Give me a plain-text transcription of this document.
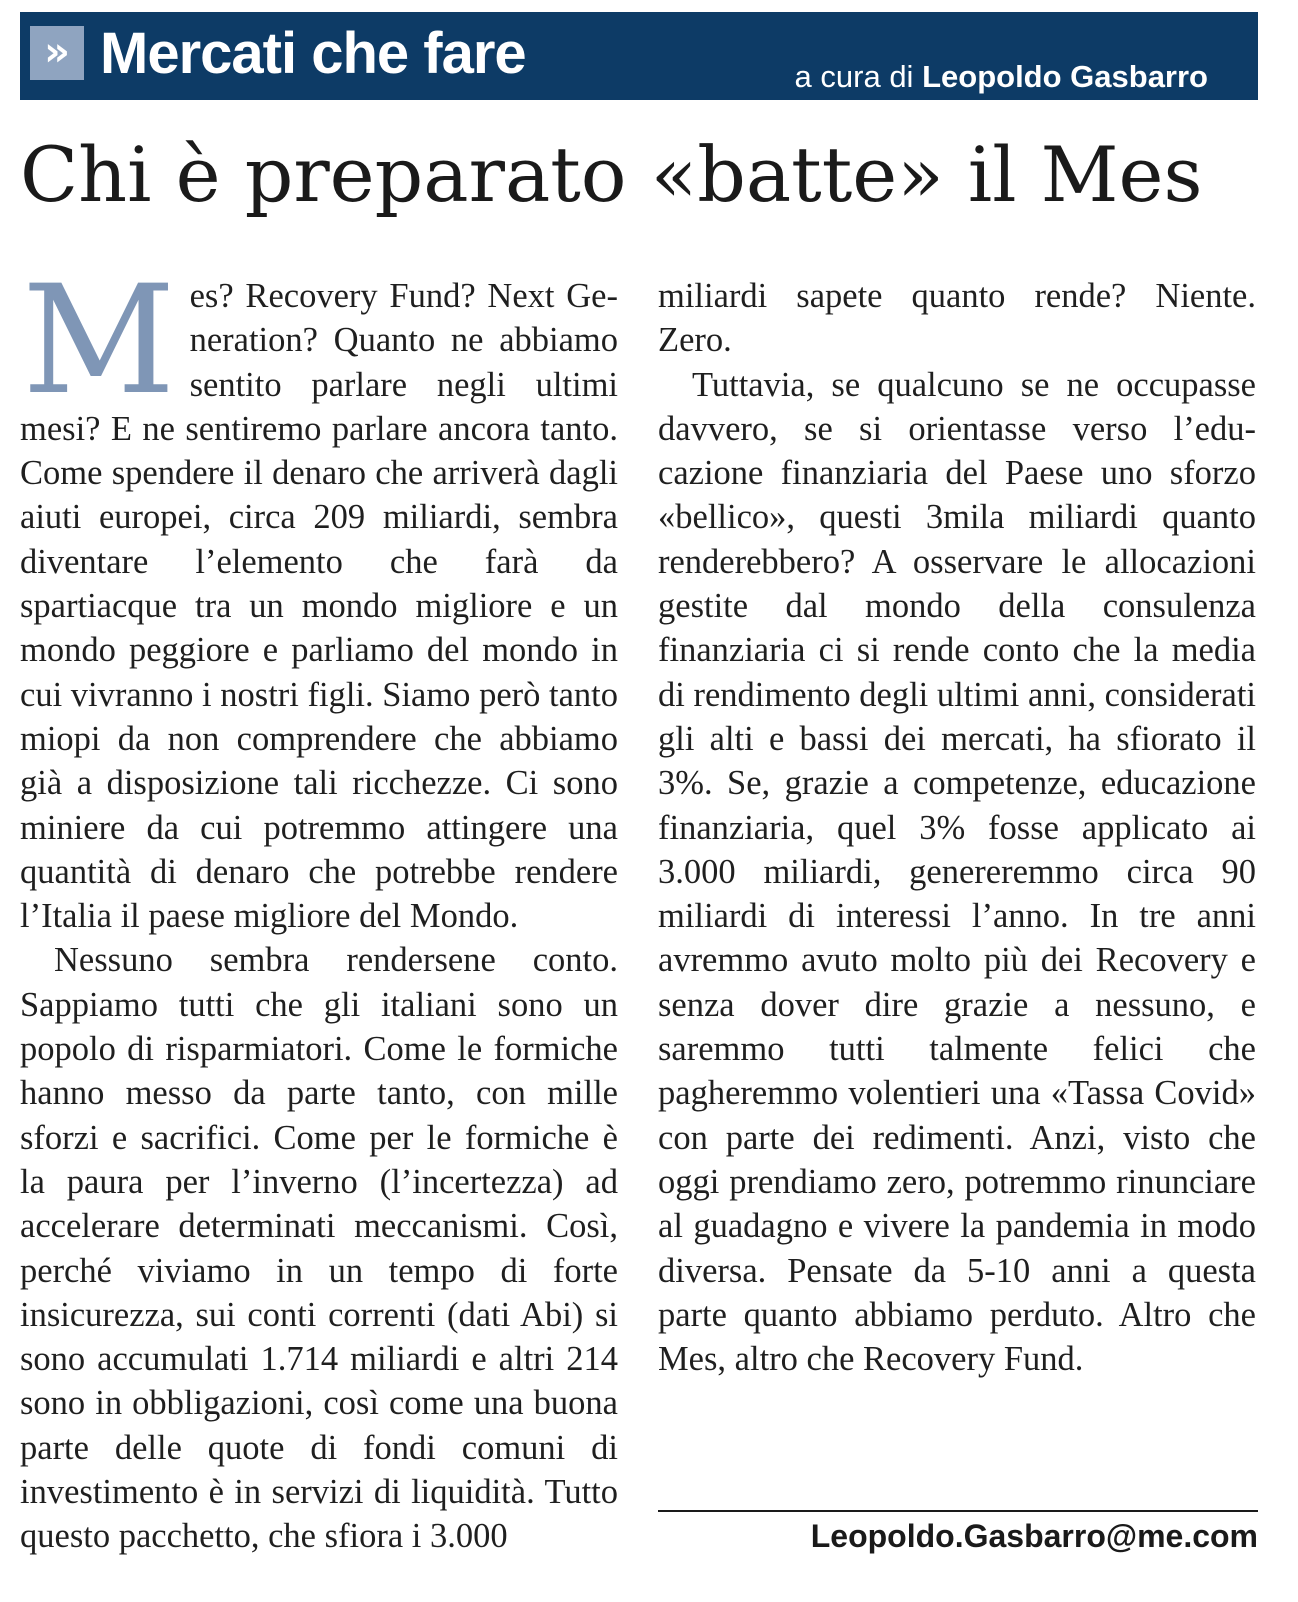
» Mercati che fare	a cura di Leopoldo Gasbarro
Chi è preparato «batte» il Mes

Mes? Recovery Fund? Next Generation? Quanto ne abbiamo sentito parlare negli ultimi mesi? E ne sentiremo parlare ancora tanto. Come spendere il denaro che arriverà dagli aiuti europei, circa 209 miliardi, sembra diventare l’elemento che farà da spartiacque tra un mondo migliore e un mondo peggiore e parliamo del mondo in cui vivranno i nostri figli. Siamo però tanto miopi da non comprendere che abbiamo già a disposizione tali ricchezze. Ci sono miniere da cui potremmo attingere una quantità di denaro che potrebbe rendere l’Italia il paese migliore del Mondo.

Nessuno sembra rendersene conto. Sappiamo tutti che gli italiani sono un popolo di risparmiatori. Come le formiche hanno messo da parte tanto, con mille sforzi e sacrifici. Come per le formiche è la paura per l’inverno (l’incertezza) ad accelerare determinati meccanismi. Così, perché viviamo in un tempo di forte insicurezza, sui conti correnti (dati Abi) si sono accumulati 1.714 miliardi e altri 214 sono in obbligazioni, così come una buona parte delle quote di fondi comuni di investimento è in servizi di liquidità. Tutto questo pacchetto, che sfiora i 3.000

miliardi sapete quanto rende? Niente. Zero.

Tuttavia, se qualcuno se ne occupasse davvero, se si orientasse verso l’educazione finanziaria del Paese uno sforzo «bellico», questi 3mila miliardi quanto renderebbero? A osservare le allocazioni gestite dal mondo della consulenza finanziaria ci si rende conto che la media di rendimento degli ultimi anni, considerati gli alti e bassi dei mercati, ha sfiorato il 3%. Se, grazie a competenze, educazione finanziaria, quel 3% fosse applicato ai 3.000 miliardi, genereremmo circa 90 miliardi di interessi l’anno. In tre anni avremmo avuto molto più dei Recovery e senza dover dire grazie a nessuno, e saremmo tutti talmente felici che pagheremmo volentieri una «Tassa Covid» con parte dei redimenti. Anzi, visto che oggi prendiamo zero, potremmo rinunciare al guadagno e vivere la pandemia in modo diversa. Pensate da 5-10 anni a questa parte quanto abbiamo perduto. Altro che Mes, altro che Recovery Fund.

Leopoldo.Gasbarro@me.com
